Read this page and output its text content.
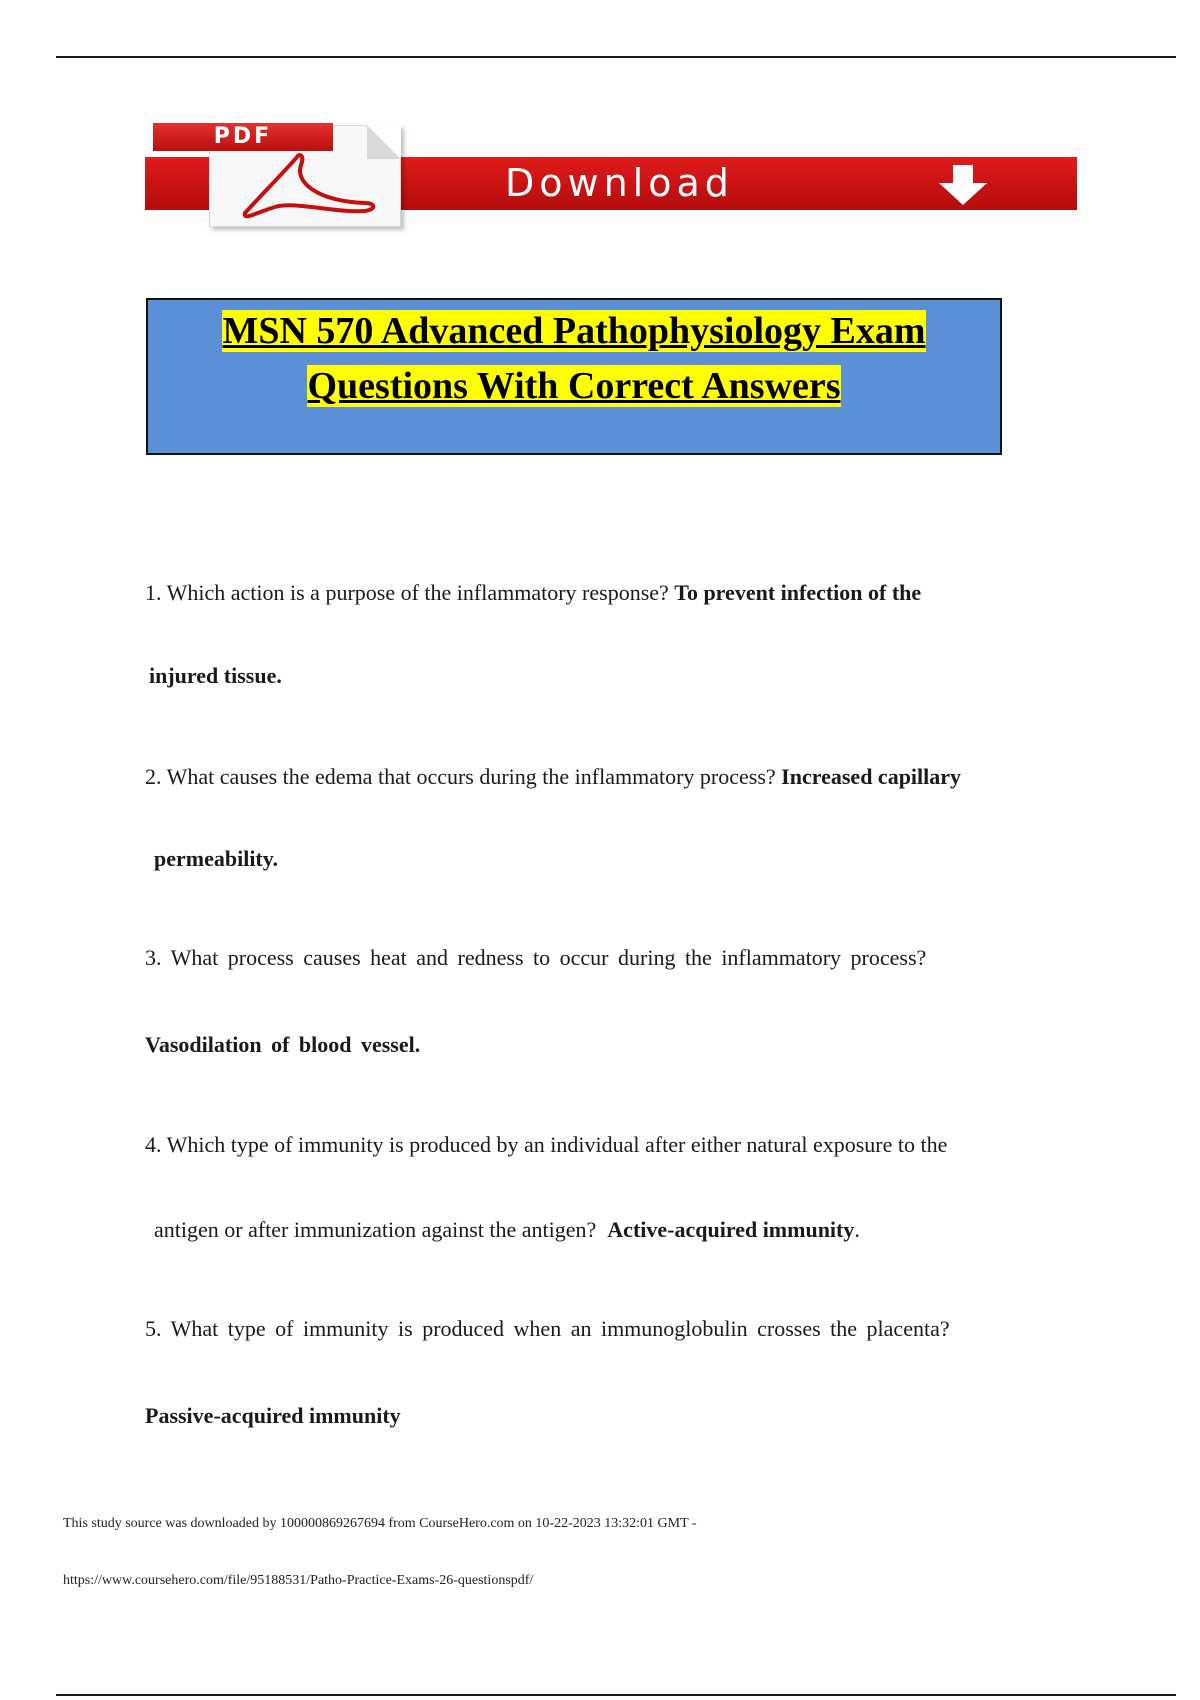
Download
PDF
MSN 570 Advanced Pathophysiology Exam
Questions With Correct Answers
1. Which action is a purpose of the inflammatory response? To prevent infection of the
injured tissue.
2. What causes the edema that occurs during the inflammatory process? Increased capillary
permeability.
3. What process causes heat and redness to occur during the inflammatory process?
Vasodilation of blood vessel.
4. Which type of immunity is produced by an individual after either natural exposure to the
antigen or after immunization against the antigen? Active-acquired immunity.
5. What type of immunity is produced when an immunoglobulin crosses the placenta?
Passive-acquired immunity
This study source was downloaded by 100000869267694 from CourseHero.com on 10-22-2023 13:32:01 GMT -
https://www.coursehero.com/file/95188531/Patho-Practice-Exams-26-questionspdf/
